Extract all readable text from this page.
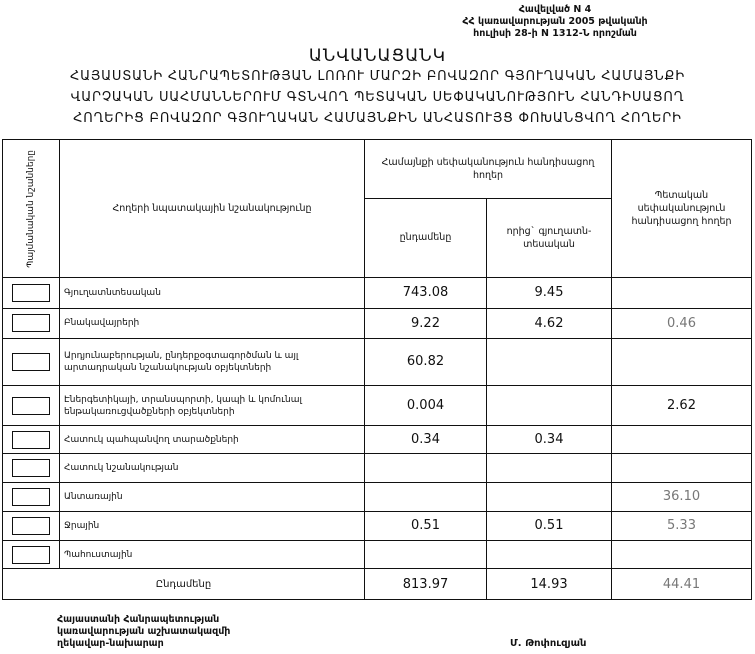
Հավելված N 4
ՀՀ կառավարության 2005 թվականի
հուլիսի 28-ի N 1312-Ն որոշման
ԱՆՎԱՆԱՑԱՆԿ
ՀԱՅԱՍՏԱՆԻ ՀԱՆՐԱՊԵՏՈՒԹՅԱՆ ԼՈՌՈՒ ՄԱՐԶԻ ԲՈՎԱԶՈՐ ԳՅՈՒՂԱԿԱՆ ՀԱՄԱՅՆՔԻ
ՎԱՐՉԱԿԱՆ ՍԱՀՄԱՆՆԵՐՈՒՄ ԳՏՆՎՈՂ ՊԵՏԱԿԱՆ ՍԵՓԱԿԱՆՈՒԹՅՈՒՆ ՀԱՆԴԻՍԱՑՈՂ
ՀՈՂԵՐԻՑ ԲՈՎԱԶՈՐ ԳՅՈՒՂԱԿԱՆ ՀԱՄԱՅՆՔԻՆ ԱՆՀԱՏՈՒՅՑ ՓՈԽԱՆՑՎՈՂ ՀՈՂԵՐԻ
Պայմանական նշանները	Հողերի նպատակային նշանակությունը	Համայնքի սեփականություն հանդիսացող հողեր		Պետական սեփականություն հանդիսացող հողեր
		ընդամենը	որից` գյուղատն- տեսական	

	Գյուղատնտեսական	743.08	9.45	

	Բնակավայրերի	9.22	4.62	0.46

	Արդյունաբերության, ընդերքօգտագործման և այլ արտադրական նշանակության օբյեկտների	60.82		

	Էներգետիկայի, տրանսպորտի, կապի և կոմունալ ենթակառուցվածքների օբյեկտների	0.004		2.62

	Հատուկ պահպանվող տարածքների	0.34	0.34	

	Հատուկ նշանակության			

	Անտառային			36.10

	Ջրային	0.51	0.51	5.33

	Պահուստային			
Ընդամենը		813.97	14.93	44.41
Հայաստանի Հանրապետության
կառավարության աշխատակազմի
ղեկավար-նախարար	Մ. Թոփուզյան
